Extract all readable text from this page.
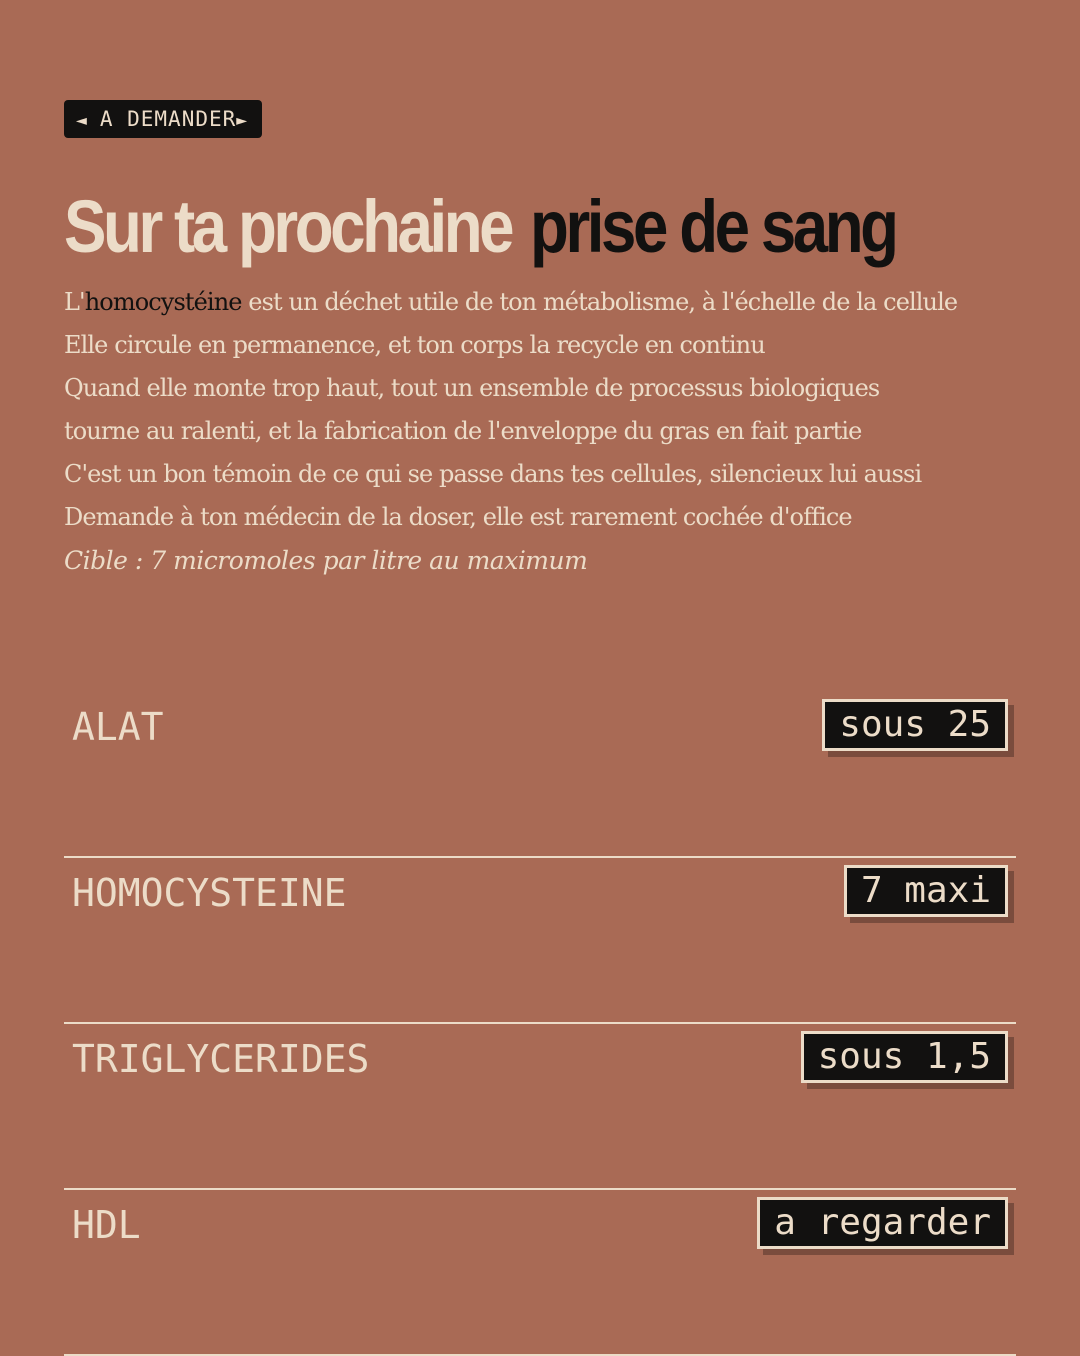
◄ A DEMANDER►
Sur ta prochaine prise de sang
L'homocystéine est un déchet utile de ton métabolisme, à l'échelle de la cellule
Elle circule en permanence, et ton corps la recycle en continu
Quand elle monte trop haut, tout un ensemble de processus biologiques
tourne au ralenti, et la fabrication de l'enveloppe du gras en fait partie
C'est un bon témoin de ce qui se passe dans tes cellules, silencieux lui aussi
Demande à ton médecin de la doser, elle est rarement cochée d'office
Cible : 7 micromoles par litre au maximum
ALAT	sous 25
HOMOCYSTEINE	7 maxi
TRIGLYCERIDES	sous 1,5
HDL	a regarder
